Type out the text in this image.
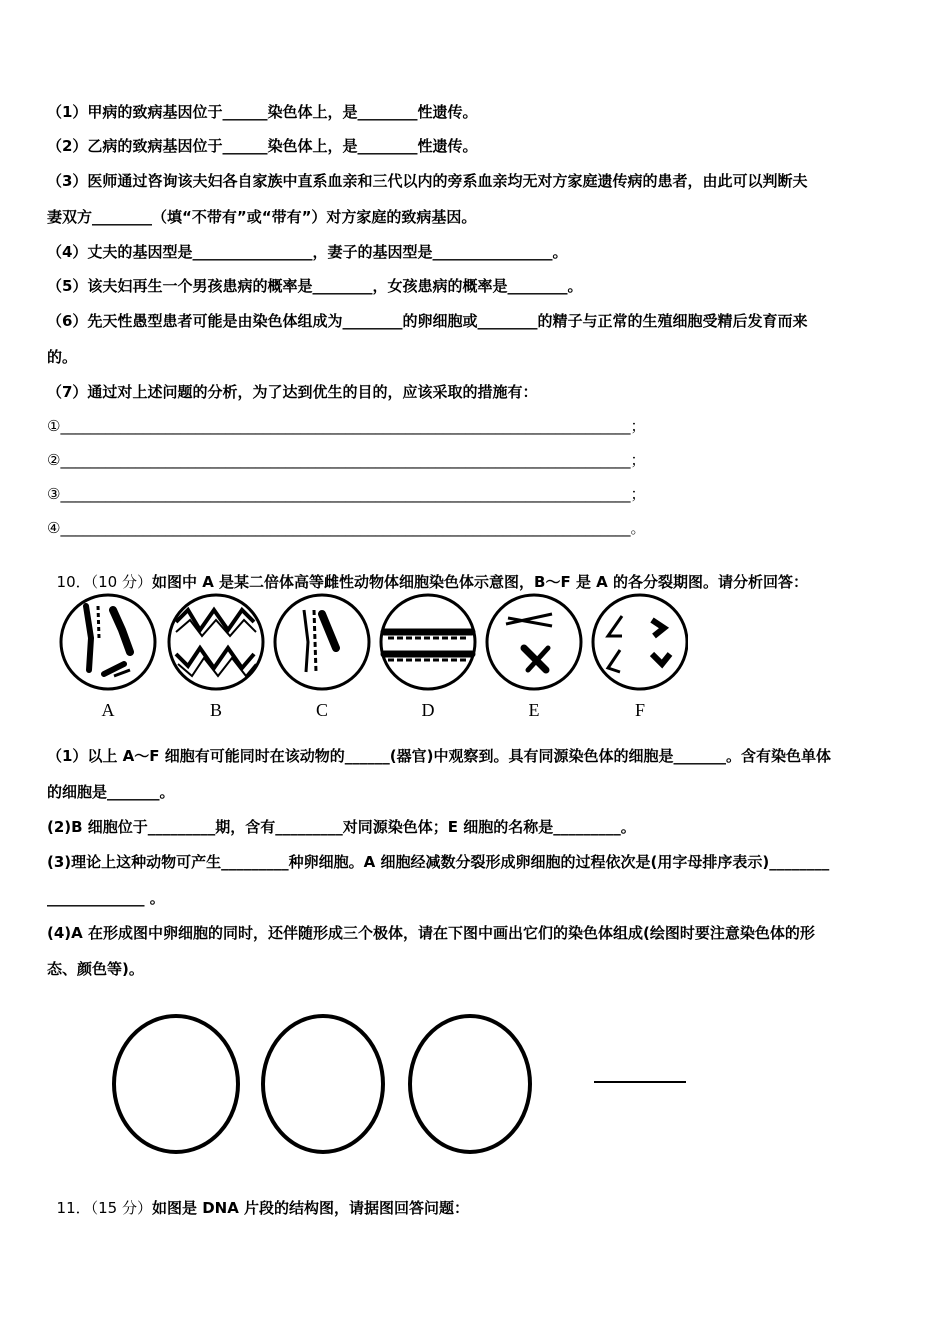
（1）甲病的致病基因位于______染色体上，是________性遗传。
（2）乙病的致病基因位于______染色体上，是________性遗传。
（3）医师通过咨询该夫妇各自家族中直系血亲和三代以内的旁系血亲均无对方家庭遗传病的患者，由此可以判断夫
妻双方________（填“不带有”或“带有”）对方家庭的致病基因。
（4）丈夫的基因型是________________，妻子的基因型是________________。
（5）该夫妇再生一个男孩患病的概率是________，女孩患病的概率是________。
（6）先天性愚型患者可能是由染色体组成为________的卵细胞或________的精子与正常的生殖细胞受精后发育而来
的。
（7）通过对上述问题的分析，为了达到优生的目的，应该采取的措施有：
①____________________________________________________________________________；
②____________________________________________________________________________；
③____________________________________________________________________________；
④____________________________________________________________________________。

10．（10 分）如图中 A 是某二倍体高等雌性动物体细胞染色体示意图，B～F 是 A 的各分裂期图。请分析回答：

A	B	C	D	E	F
（1）以上 A～F 细胞有可能同时在该动物的______(器官)中观察到。具有同源染色体的细胞是_______。含有染色单体
的细胞是_______。
(2)B 细胞位于_________期，含有_________对同源染色体；E 细胞的名称是_________。
(3)理论上这种动物可产生_________种卵细胞。A 细胞经减数分裂形成卵细胞的过程依次是(用字母排序表示)________
_____________ 。
(4)A 在形成图中卵细胞的同时，还伴随形成三个极体，请在下图中画出它们的染色体组成(绘图时要注意染色体的形
态、颜色等)。

11．（15 分）如图是 DNA 片段的结构图，请据图回答问题：
